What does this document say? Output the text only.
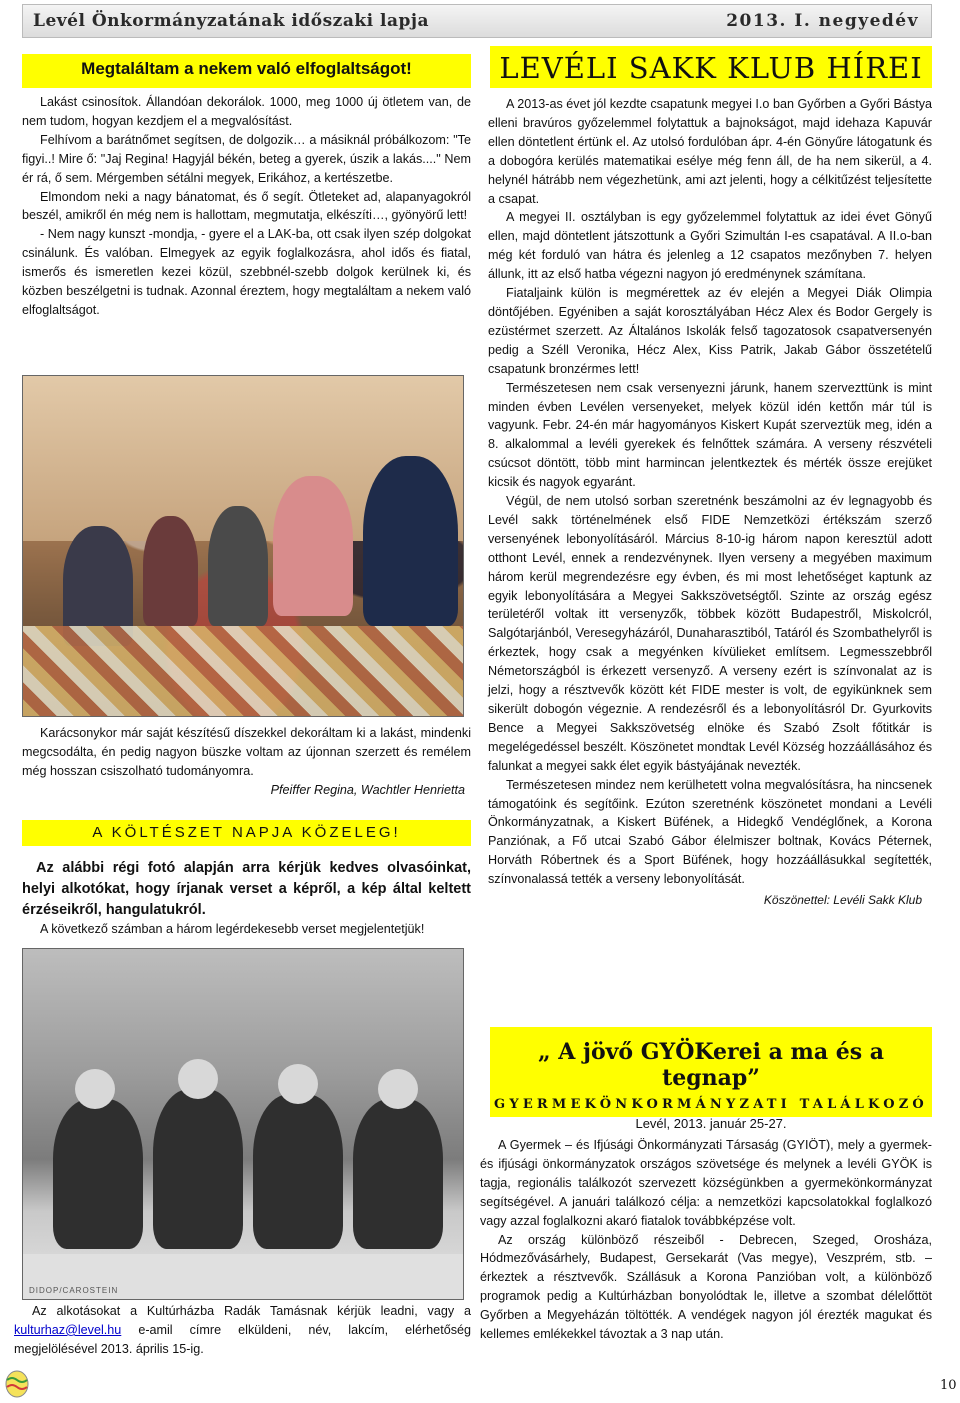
Levél Önkormányzatának időszaki lapja	2013. I. negyedév
Megtaláltam a nekem való elfoglaltságot!

Lakást csinosítok. Állandóan dekorálok. 1000, meg 1000 új ötletem van, de nem tudom, hogyan kezdjem el a megvalósítást.

Felhívom a barátnőmet segítsen, de dolgozik… a másiknál próbálkozom: "Te figyi..! Mire ő: "Jaj Regina! Hagyjál békén, beteg a gyerek, úszik a lakás...." Nem ér rá, ő sem. Mérgemben sétálni megyek, Erikához, a kertészetbe.

Elmondom neki a nagy bánatomat, és ő segít. Ötleteket ad, alapanyagokról beszél, amikről én még nem is hallottam, megmutatja, elkészíti…, gyönyörű lett!

- Nem nagy kunszt -mondja, - gyere el a LAK-ba, ott csak ilyen szép dolgokat csinálunk. És valóban. Elmegyek az egyik foglalkozásra, ahol idős és fiatal, ismerős és ismeretlen kezei közül, szebbnél-szebb dolgok kerülnek ki, és közben beszélgetni is tudnak. Azonnal éreztem, hogy megtaláltam a nekem való elfoglaltságot.

Karácsonykor már saját készítésű díszekkel dekoráltam ki a lakást, mindenki megcsodálta, én pedig nagyon büszke voltam az újonnan szerzett és remélem még hosszan csiszolható tudományomra.

Pfeiffer Regina, Wachtler Henrietta

A KÖLTÉSZET NAPJA KÖZELEG!
Az alábbi régi fotó alapján arra kérjük kedves olvasóinkat, helyi alkotókat, hogy írjanak verset a képről, a kép által keltett érzéseikről, hangulatukról.

A következő számban a három legérdekesebb verset megjelentetjük!

DIDOP/CAROSTEIN

Az alkotásokat a Kultúrházba Radák Tamásnak kérjük leadni, vagy a kulturhaz@level.hu e-amil címre elküldeni, név, lakcím, elérhetőség megjelölésével 2013. április 15-ig.

LEVÉLI SAKK KLUB HÍREI

A 2013-as évet jól kezdte csapatunk megyei I.o ban Győrben a Győri Bástya elleni bravúros győzelemmel folytattuk a bajnokságot, majd idehaza Kapuvár ellen döntetlent értünk el. Az utolsó fordulóban ápr. 4-én Gönyűre látogatunk és a dobogóra kerülés matematikai esélye még fenn áll, de ha nem sikerül, a 4. helynél hátrább nem végezhetünk, ami azt jelenti, hogy a célkitűzést teljesítette a csapat.

A megyei II. osztályban is egy győzelemmel folytattuk az idei évet Gönyű ellen, majd döntetlent játszottunk a Győri Szimultán I-es csapatával. A II.o-ban még két forduló van hátra és jelenleg a 12 csapatos mezőnyben 7. helyen állunk, itt az első hatba végezni nagyon jó eredménynek számítana.

Fiataljaink külön is megmérettek az év elején a Megyei Diák Olimpia döntőjében. Egyéniben a saját korosztályában Hécz Alex és Bodor Gergely is ezüstérmet szerzett. Az Általános Iskolák felső tagozatosok csapatversenyén pedig a Széll Veronika, Hécz Alex, Kiss Patrik, Jakab Gábor összetételű csapatunk bronzérmes lett!

Természetesen nem csak versenyezni járunk, hanem szervezttünk is mint minden évben Levélen versenyeket, melyek közül idén kettőn már túl is vagyunk. Febr. 24-én már hagyományos Kiskert Kupát szerveztük meg, idén a 8. alkalommal a levéli gyerekek és felnőttek számára. A verseny részvételi csúcsot döntött, több mint harmincan jelentkeztek és mérték össze erejüket kicsik és nagyok egyaránt.

Végül, de nem utolsó sorban szeretnénk beszámolni az év legnagyobb és Levél sakk történelmének első FIDE Nemzetközi értékszám szerző versenyének lebonyolításáról. Március 8-10-ig három napon keresztül adott otthont Levél, ennek a rendezvénynek. Ilyen verseny a megyében maximum három kerül megrendezésre egy évben, és mi most lehetőséget kaptunk az egyik lebonyolítására a Megyei Sakkszövetségtől. Szinte az ország egész területéről voltak itt versenyzők, többek között Budapestről, Miskolcról, Salgótarjánból, Veresegyházáról, Dunaharasztiból, Tatáról és Szombathelyről is érkeztek, hogy csak a megyénken kívülieket említsem. Legmesszebbről Németországból is érkezett versenyző. A verseny ezért is színvonalat az is jelzi, hogy a résztvevők között két FIDE mester is volt, de egyikünknek sem sikerült dobogón végeznie. A rendezésről és a lebonyolításról Dr. Gyurkovits Bence a Megyei Sakkszövetség elnöke és Szabó Zsolt főtitkár is megelégedéssel beszélt. Köszönetet mondtak Levél Község hozzáállásához és falunkat a megyei sakk élet egyik bástyájának nevezték.

Természetesen mindez nem kerülhetett volna megvalósításra, ha nincsenek támogatóink és segítőink. Ezúton szeretnénk köszönetet mondani a Levéli Önkormányzatnak, a Kiskert Büfének, a Hidegkő Vendéglőnek, a Korona Panziónak, a Fő utcai Szabó Gábor élelmiszer boltnak, Kovács Péternek, Horváth Róbertnek és a Sport Büfének, hogy hozzáállásukkal segítették, színvonalassá tették a verseny lebonyolítását.

Köszönettel: Levéli Sakk Klub

„ A jövő GYÖKerei a ma és a tegnap”
GYERMEKÖNKORMÁNYZATI TALÁLKOZÓ
Levél, 2013. január 25-27.

A Gyermek – és Ifjúsági Önkormányzati Társaság (GYIÖT), mely a gyermek- és ifjúsági önkormányzatok országos szövetsége és melynek a levéli GYÖK is tagja, regionális találkozót szervezett községünkben a gyermekönkormányzat segítségével. A januári találkozó célja: a nemzetközi kapcsolatokkal foglalkozó vagy azzal foglalkozni akaró fiatalok továbbképzése volt.

Az ország különböző részeiből - Debrecen, Szeged, Orosháza, Hódmezővásárhely, Budapest, Gersekarát (Vas megye), Veszprém, stb. – érkeztek a résztvevők. Szállásuk a Korona Panzióban volt, a különböző programok pedig a Kultúrházban bonyolódtak le, illetve a szombat délelőttöt Győrben a Megyeházán töltötték. A vendégek nagyon jól érezték magukat és kellemes emlékekkel távoztak a 3 nap után.

10
